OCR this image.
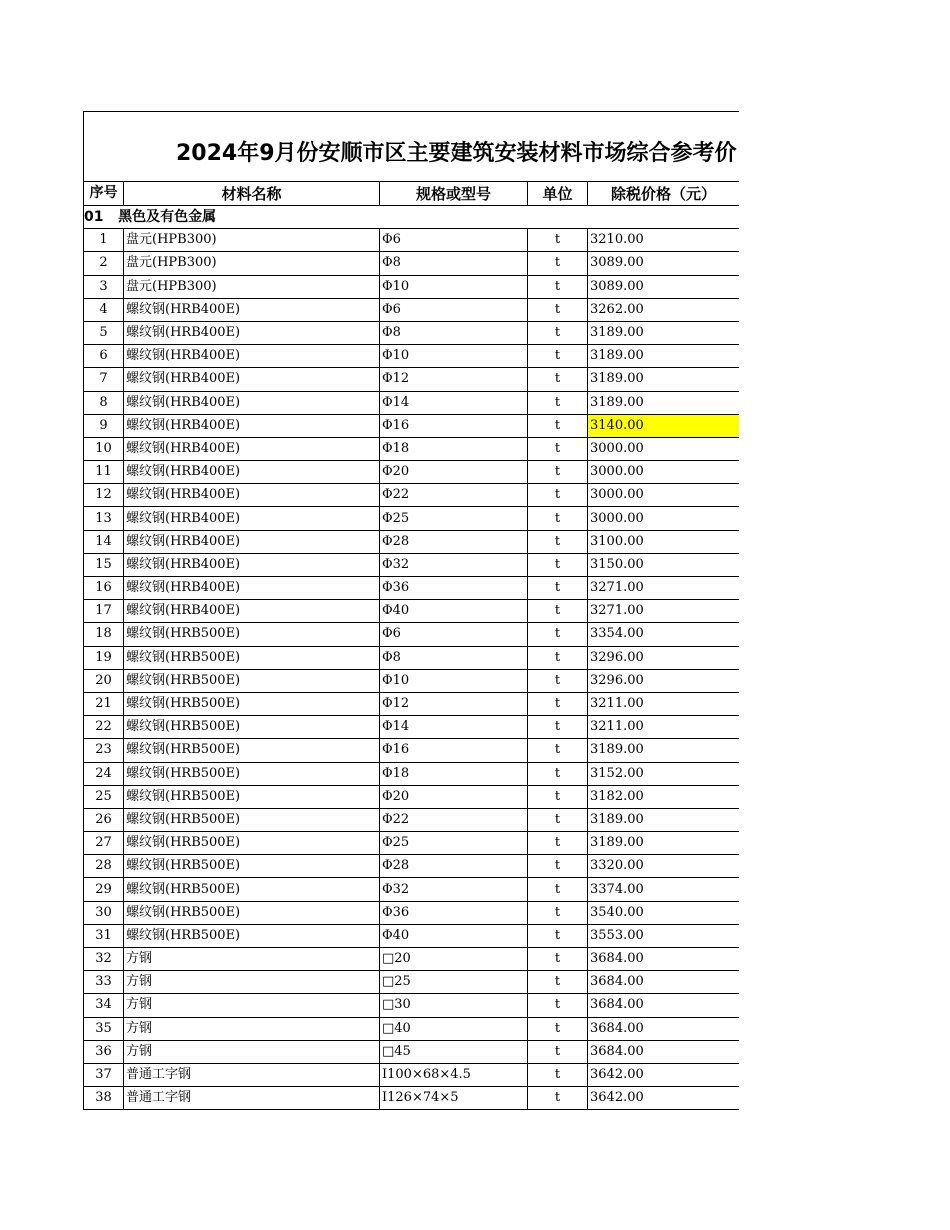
2024年9月份安顺市区主要建筑安装材料市场综合参考价
序号	材料名称	规格或型号	单位	除税价格（元）
01 黑色及有色金属				
1	盘元(HPB300)	Φ6	t	3210.00
2	盘元(HPB300)	Φ8	t	3089.00
3	盘元(HPB300)	Φ10	t	3089.00
4	螺纹钢(HRB400E)	Φ6	t	3262.00
5	螺纹钢(HRB400E)	Φ8	t	3189.00
6	螺纹钢(HRB400E)	Φ10	t	3189.00
7	螺纹钢(HRB400E)	Φ12	t	3189.00
8	螺纹钢(HRB400E)	Φ14	t	3189.00
9	螺纹钢(HRB400E)	Φ16	t	3140.00
10	螺纹钢(HRB400E)	Φ18	t	3000.00
11	螺纹钢(HRB400E)	Φ20	t	3000.00
12	螺纹钢(HRB400E)	Φ22	t	3000.00
13	螺纹钢(HRB400E)	Φ25	t	3000.00
14	螺纹钢(HRB400E)	Φ28	t	3100.00
15	螺纹钢(HRB400E)	Φ32	t	3150.00
16	螺纹钢(HRB400E)	Φ36	t	3271.00
17	螺纹钢(HRB400E)	Φ40	t	3271.00
18	螺纹钢(HRB500E)	Φ6	t	3354.00
19	螺纹钢(HRB500E)	Φ8	t	3296.00
20	螺纹钢(HRB500E)	Φ10	t	3296.00
21	螺纹钢(HRB500E)	Φ12	t	3211.00
22	螺纹钢(HRB500E)	Φ14	t	3211.00
23	螺纹钢(HRB500E)	Φ16	t	3189.00
24	螺纹钢(HRB500E)	Φ18	t	3152.00
25	螺纹钢(HRB500E)	Φ20	t	3182.00
26	螺纹钢(HRB500E)	Φ22	t	3189.00
27	螺纹钢(HRB500E)	Φ25	t	3189.00
28	螺纹钢(HRB500E)	Φ28	t	3320.00
29	螺纹钢(HRB500E)	Φ32	t	3374.00
30	螺纹钢(HRB500E)	Φ36	t	3540.00
31	螺纹钢(HRB500E)	Φ40	t	3553.00
32	方钢	□20	t	3684.00
33	方钢	□25	t	3684.00
34	方钢	□30	t	3684.00
35	方钢	□40	t	3684.00
36	方钢	□45	t	3684.00
37	普通工字钢	I100×68×4.5	t	3642.00
38	普通工字钢	I126×74×5	t	3642.00
